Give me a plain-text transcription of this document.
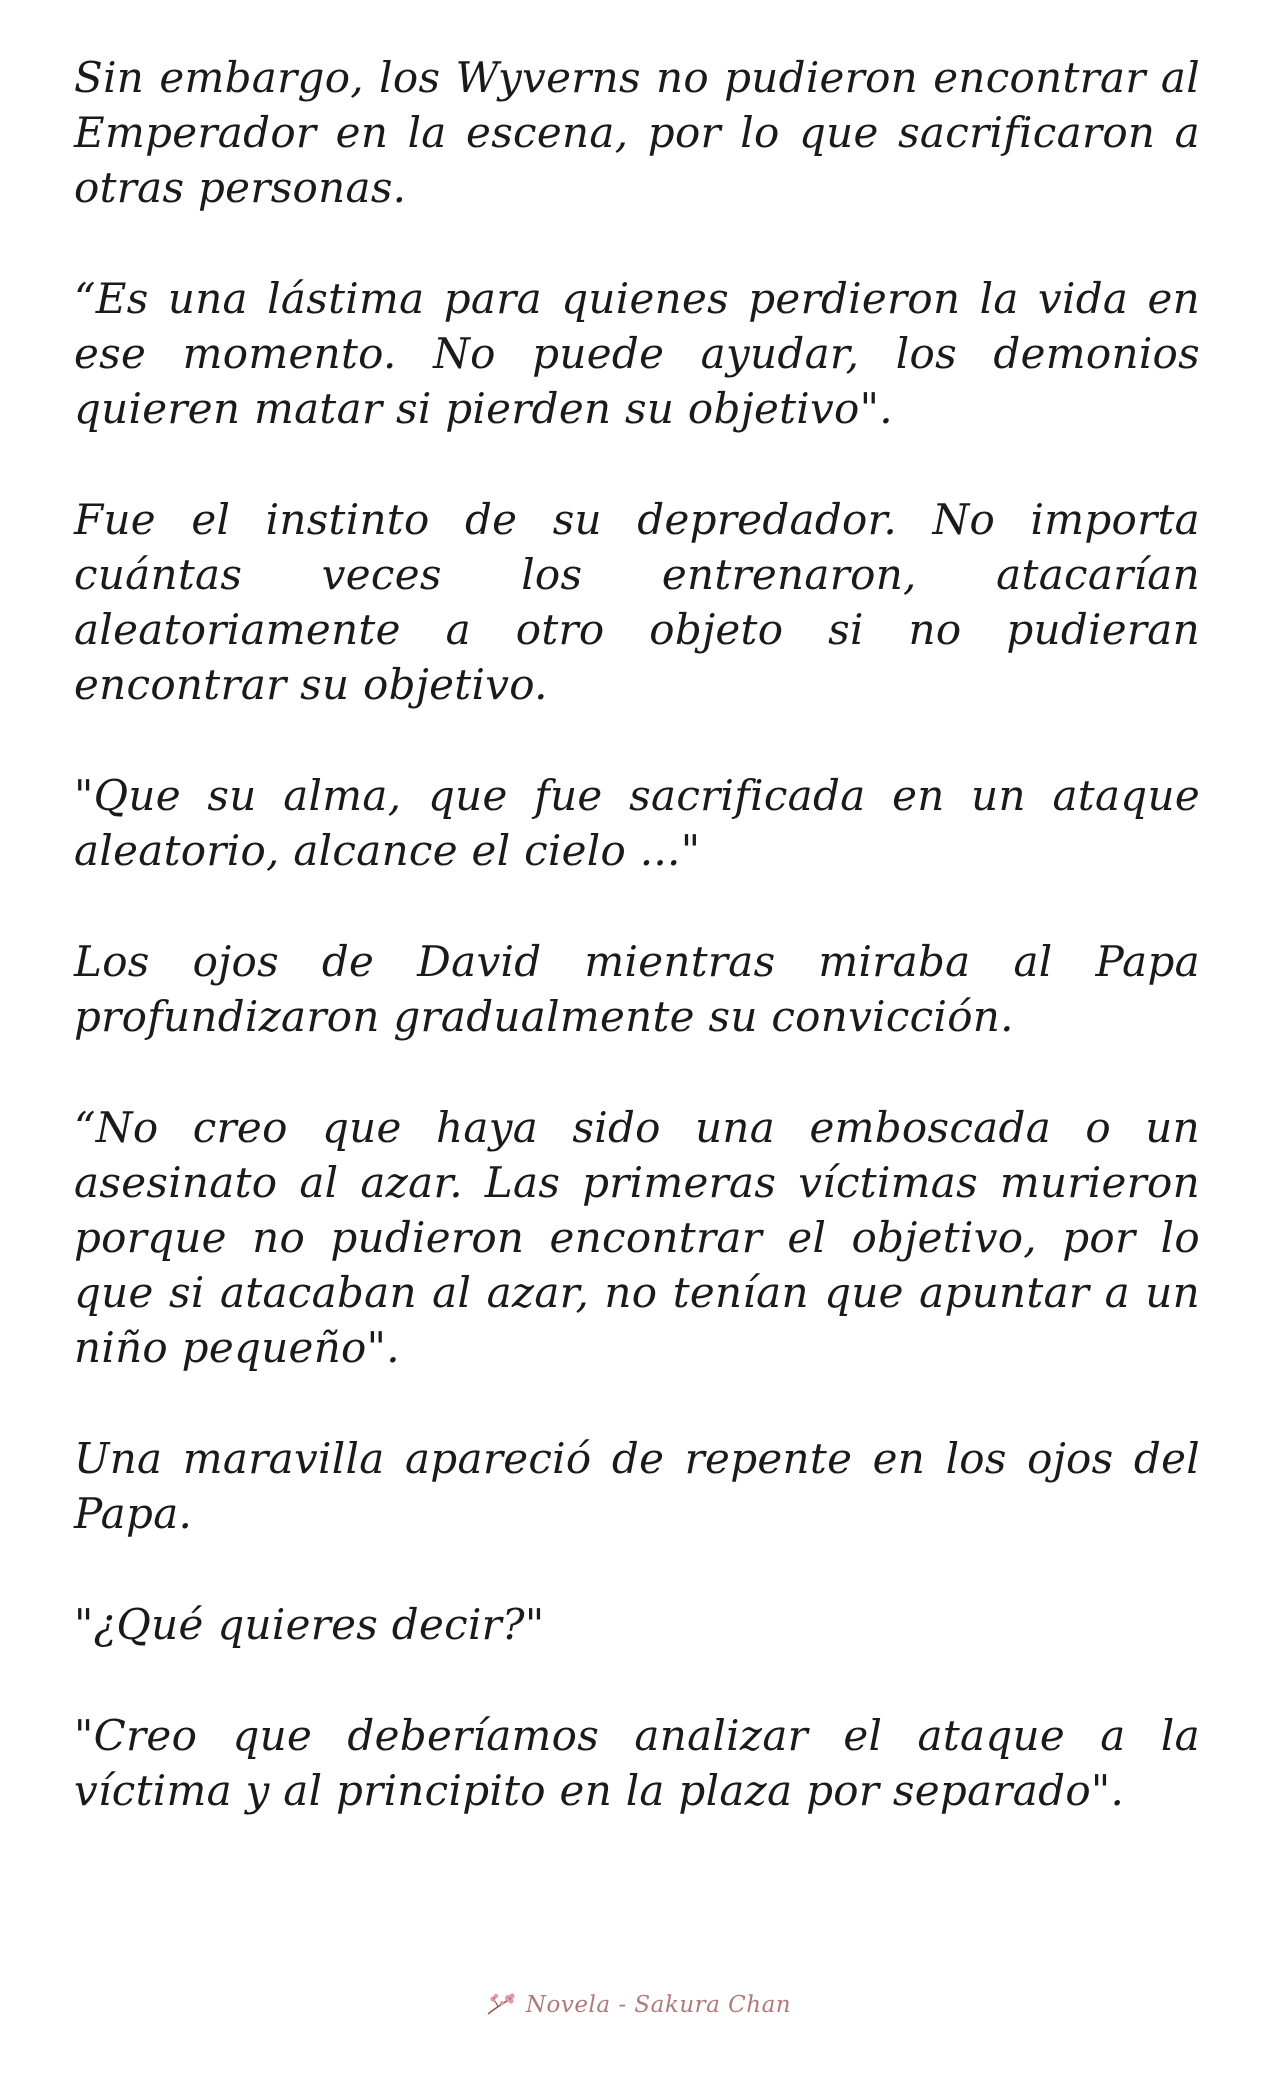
Sin embargo, los Wyverns no pudieron encontrar al Emperador en la escena, por lo que sacrificaron a otras personas.

“Es una lástima para quienes perdieron la vida en ese momento. No puede ayudar, los demonios quieren matar si pierden su objetivo".

Fue el instinto de su depredador. No importa cuántas veces los entrenaron, atacarían aleatoriamente a otro objeto si no pudieran encontrar su objetivo.

"Que su alma, que fue sacrificada en un ataque aleatorio, alcance el cielo ..."

Los ojos de David mientras miraba al Papa profundizaron gradualmente su convicción.

“No creo que haya sido una emboscada o un asesinato al azar. Las primeras víctimas murieron porque no pudieron encontrar el objetivo, por lo que si atacaban al azar, no tenían que apuntar a un niño pequeño".

Una maravilla apareció de repente en los ojos del Papa.

"¿Qué quieres decir?"

"Creo que deberíamos analizar el ataque a la víctima y al principito en la plaza por separado".

Novela - Sakura Chan
